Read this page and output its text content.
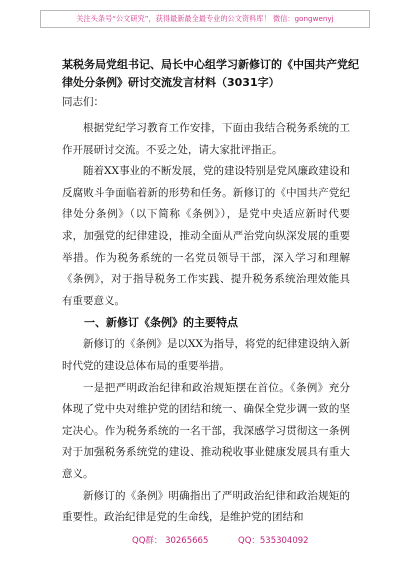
关注头条号“公文研究”，获得最新最全最专业的公文资料库！ 微信：gongwenyj
某税务局党组书记、局长中心组学习新修订的《中国共产党纪律处分条例》研讨交流发言材料（3031字）

同志们：

根据党纪学习教育工作安排，下面由我结合税务系统的工作开展研讨交流。不妥之处，请大家批评指正。

随着XX事业的不断发展，党的建设特别是党风廉政建设和反腐败斗争面临着新的形势和任务。新修订的《中国共产党纪律处分条例》（以下简称《条例》），是党中央适应新时代要求，加强党的纪律建设，推动全面从严治党向纵深发展的重要举措。作为税务系统的一名党员领导干部，深入学习和理解《条例》，对于指导税务工作实践、提升税务系统治理效能具有重要意义。

一、新修订《条例》的主要特点

新修订的《条例》是以XX为指导，将党的纪律建设纳入新时代党的建设总体布局的重要举措。

一是把严明政治纪律和政治规矩摆在首位。《条例》充分体现了党中央对维护党的团结和统一、确保全党步调一致的坚定决心。作为税务系统的一名干部，我深感学习贯彻这一条例对于加强税务系统党的建设、推动税收事业健康发展具有重大意义。

新修订的《条例》明确指出了严明政治纪律和政治规矩的重要性。政治纪律是党的生命线，是维护党的团结和

QQ群： 30265665	QQ：535304092
